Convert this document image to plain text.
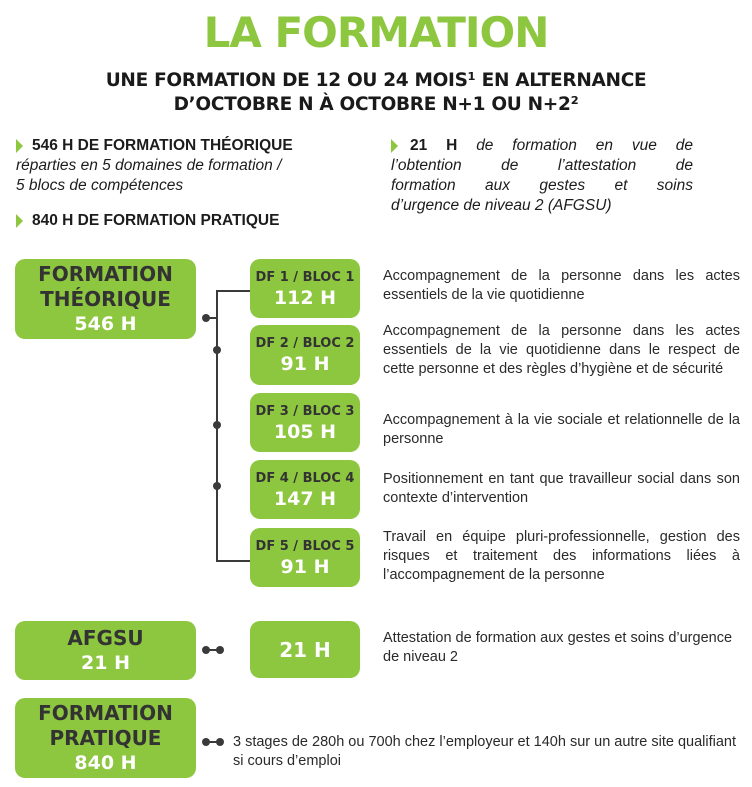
LA FORMATION
UNE FORMATION DE 12 OU 24 MOIS¹ EN ALTERNANCE
D’OCTOBRE N À OCTOBRE N+1 OU N+2²
546 H DE FORMATION THÉORIQUE
réparties en 5 domaines de formation /
5 blocs de compétences
840 H DE FORMATION PRATIQUE
21 H de formation en vue de
l’obtention de l’attestation de
formation aux gestes et soins
d’urgence de niveau 2 (AFGSU)
FORMATION
THÉORIQUE
546 H
DF 1 / BLOC 1
112 H
Accompagnement de la personne dans les actes essentiels de la vie quotidienne
DF 2 / BLOC 2
91 H
Accompagnement de la personne dans les actes essentiels de la vie quotidienne dans le respect de cette personne et des règles d’hygiène et de sécurité
DF 3 / BLOC 3
105 H
Accompagnement à la vie sociale et relationnelle de la personne
DF 4 / BLOC 4
147 H
Positionnement en tant que travailleur social dans son contexte d’intervention
DF 5 / BLOC 5
91 H
Travail en équipe pluri-professionnelle, gestion des risques et traitement des informations liées à l’accompagnement de la personne
AFGSU
21 H
21 H	Attestation de formation aux gestes et soins d’urgence de niveau 2
FORMATION
PRATIQUE
840 H
3 stages de 280h ou 700h chez l’employeur et 140h sur un autre site qualifiant si cours d’emploi
